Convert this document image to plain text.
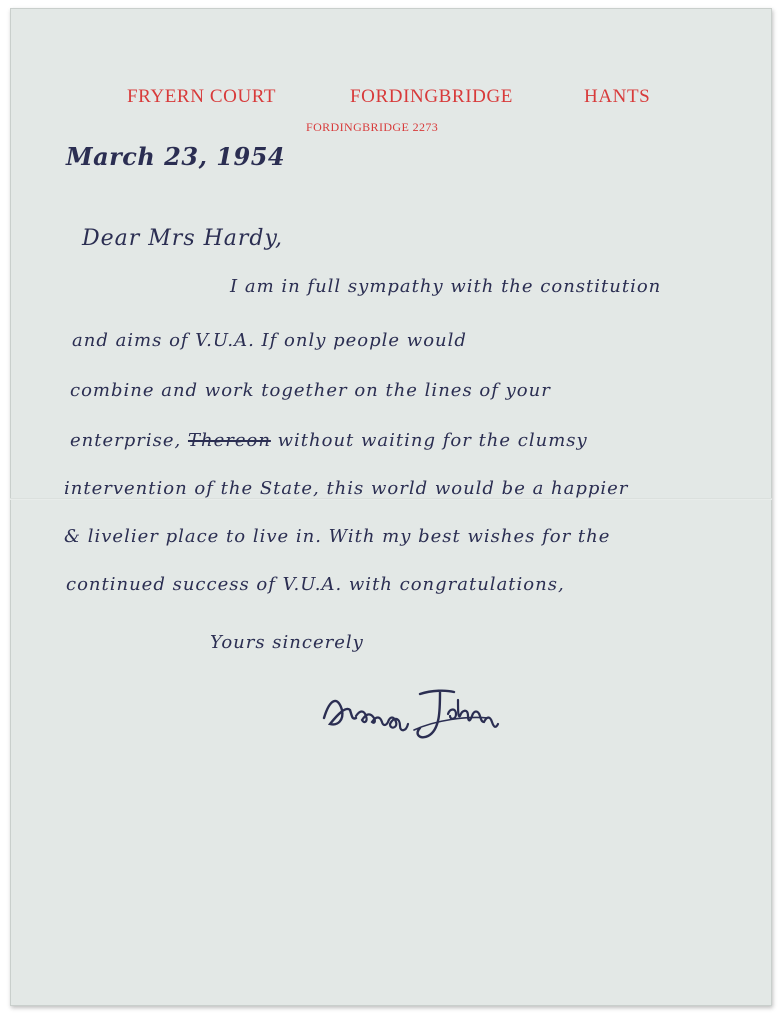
FRYERN COURT	FORDINGBRIDGE	HANTS
FORDINGBRIDGE 2273
March 23, 1954
Dear Mrs Hardy,
I am in full sympathy with the constitution
and aims of V.U.A. If only people would
combine and work together on the lines of your
enterprise, Thereon without waiting for the clumsy
intervention of the State, this world would be a happier
& livelier place to live in. With my best wishes for the
continued success of V.U.A. with congratulations,
Yours sincerely
